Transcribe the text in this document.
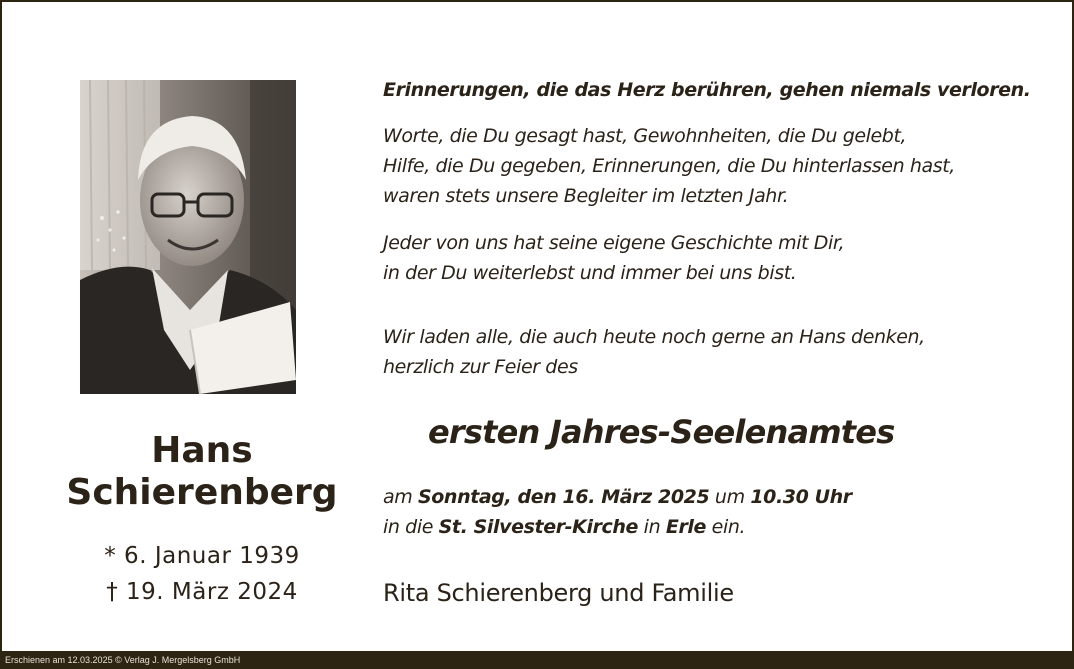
Hans
Schierenberg
* 6. Januar 1939
† 19. März 2024

Erinnerungen, die das Herz berühren, gehen niemals verloren.

Worte, die Du gesagt hast, Gewohnheiten, die Du gelebt,

Hilfe, die Du gegeben, Erinnerungen, die Du hinterlassen hast,

waren stets unsere Begleiter im letzten Jahr.

Jeder von uns hat seine eigene Geschichte mit Dir,

in der Du weiterlebst und immer bei uns bist.

Wir laden alle, die auch heute noch gerne an Hans denken,

herzlich zur Feier des

ersten Jahres-Seelenamtes

am Sonntag, den 16. März 2025 um 10.30 Uhr

in die St. Silvester-Kirche in Erle ein.

Rita Schierenberg und Familie
Erschienen am 12.03.2025 © Verlag J. Mergelsberg GmbH
